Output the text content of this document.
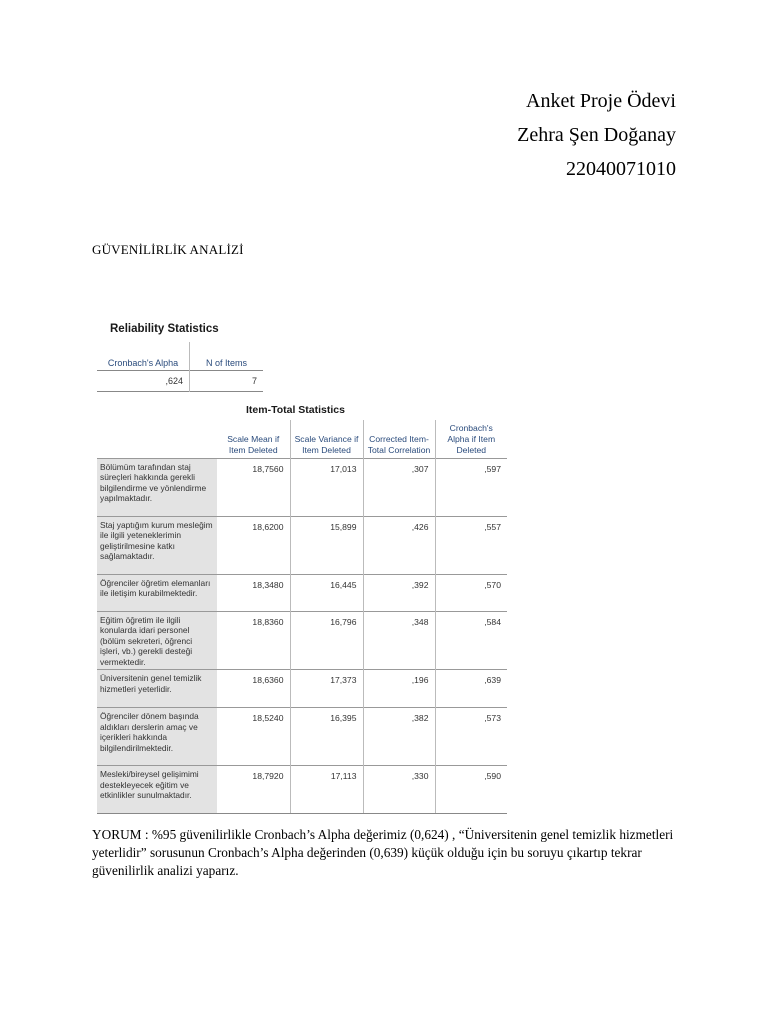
Anket Proje Ödevi
Zehra Şen Doğanay
22040071010
GÜVENİLİRLİK ANALİZİ
Reliability Statistics
Cronbach's Alpha	N of Items
,624	7
Item-Total Statistics
	Scale Mean if Item Deleted	Scale Variance if Item Deleted	Corrected Item-Total Correlation	Cronbach's Alpha if Item Deleted
Bölümüm tarafından staj süreçleri hakkında gerekli bilgilendirme ve yönlendirme yapılmaktadır.	18,7560	17,013	,307	,597
Staj yaptığım kurum mesleğim ile ilgili yeteneklerimin geliştirilmesine katkı sağlamaktadır.	18,6200	15,899	,426	,557
Öğrenciler öğretim elemanları ile iletişim kurabilmektedir.	18,3480	16,445	,392	,570
Eğitim öğretim ile ilgili konularda idari personel (bölüm sekreteri, öğrenci işleri, vb.) gerekli desteği vermektedir.	18,8360	16,796	,348	,584
Üniversitenin genel temizlik hizmetleri yeterlidir.	18,6360	17,373	,196	,639
Öğrenciler dönem başında aldıkları derslerin amaç ve içerikleri hakkında bilgilendirilmektedir.	18,5240	16,395	,382	,573
Mesleki/bireysel gelişimimi destekleyecek eğitim ve etkinlikler sunulmaktadır.	18,7920	17,113	,330	,590
YORUM : %95 güvenilirlikle Cronbach’s Alpha değerimiz (0,624) , “Üniversitenin genel temizlik hizmetleri yeterlidir” sorusunun Cronbach’s Alpha değerinden (0,639) küçük olduğu için bu soruyu çıkartıp tekrar güvenilirlik analizi yaparız.
